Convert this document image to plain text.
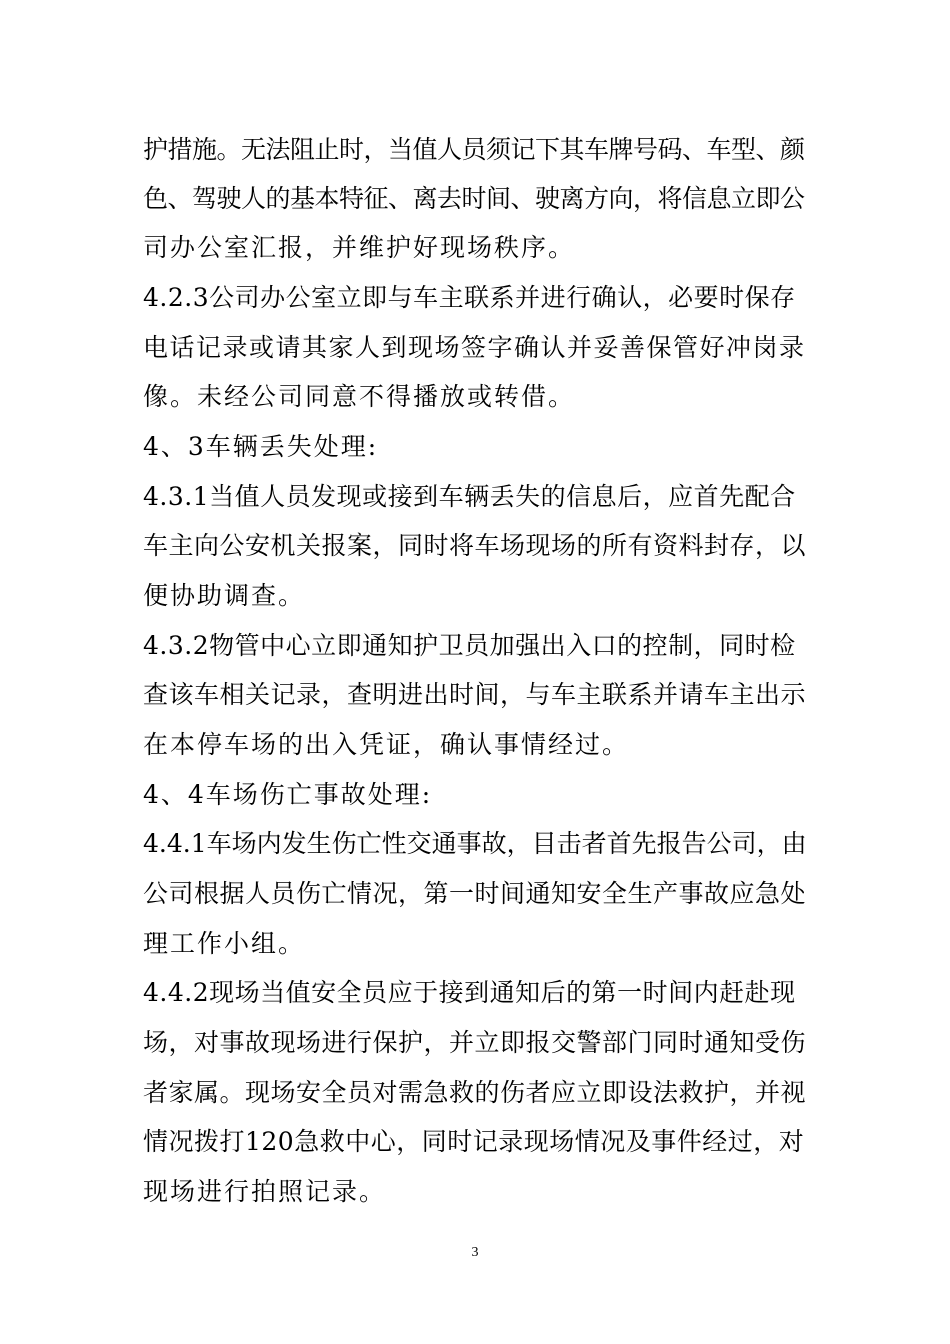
护措施。无法阻止时，当值人员须记下其车牌号码、车型、颜
色、驾驶人的基本特征、离去时间、驶离方向，将信息立即公
司办公室汇报，并维护好现场秩序。
4.2.3公司办公室立即与车主联系并进行确认，必要时保存
电话记录或请其家人到现场签字确认并妥善保管好冲岗录
像。未经公司同意不得播放或转借。
4、3车辆丢失处理:
4.3.1当值人员发现或接到车辆丢失的信息后，应首先配合
车主向公安机关报案，同时将车场现场的所有资料封存，以
便协助调查。
4.3.2物管中心立即通知护卫员加强出入口的控制，同时检
查该车相关记录，查明进出时间，与车主联系并请车主出示
在本停车场的出入凭证，确认事情经过。
4、4车场伤亡事故处理:
4.4.1车场内发生伤亡性交通事故，目击者首先报告公司，由
公司根据人员伤亡情况，第一时间通知安全生产事故应急处
理工作小组。
4.4.2现场当值安全员应于接到通知后的第一时间内赶赴现
场，对事故现场进行保护，并立即报交警部门同时通知受伤
者家属。现场安全员对需急救的伤者应立即设法救护，并视
情况拨打120急救中心，同时记录现场情况及事件经过，对
现场进行拍照记录。
3
